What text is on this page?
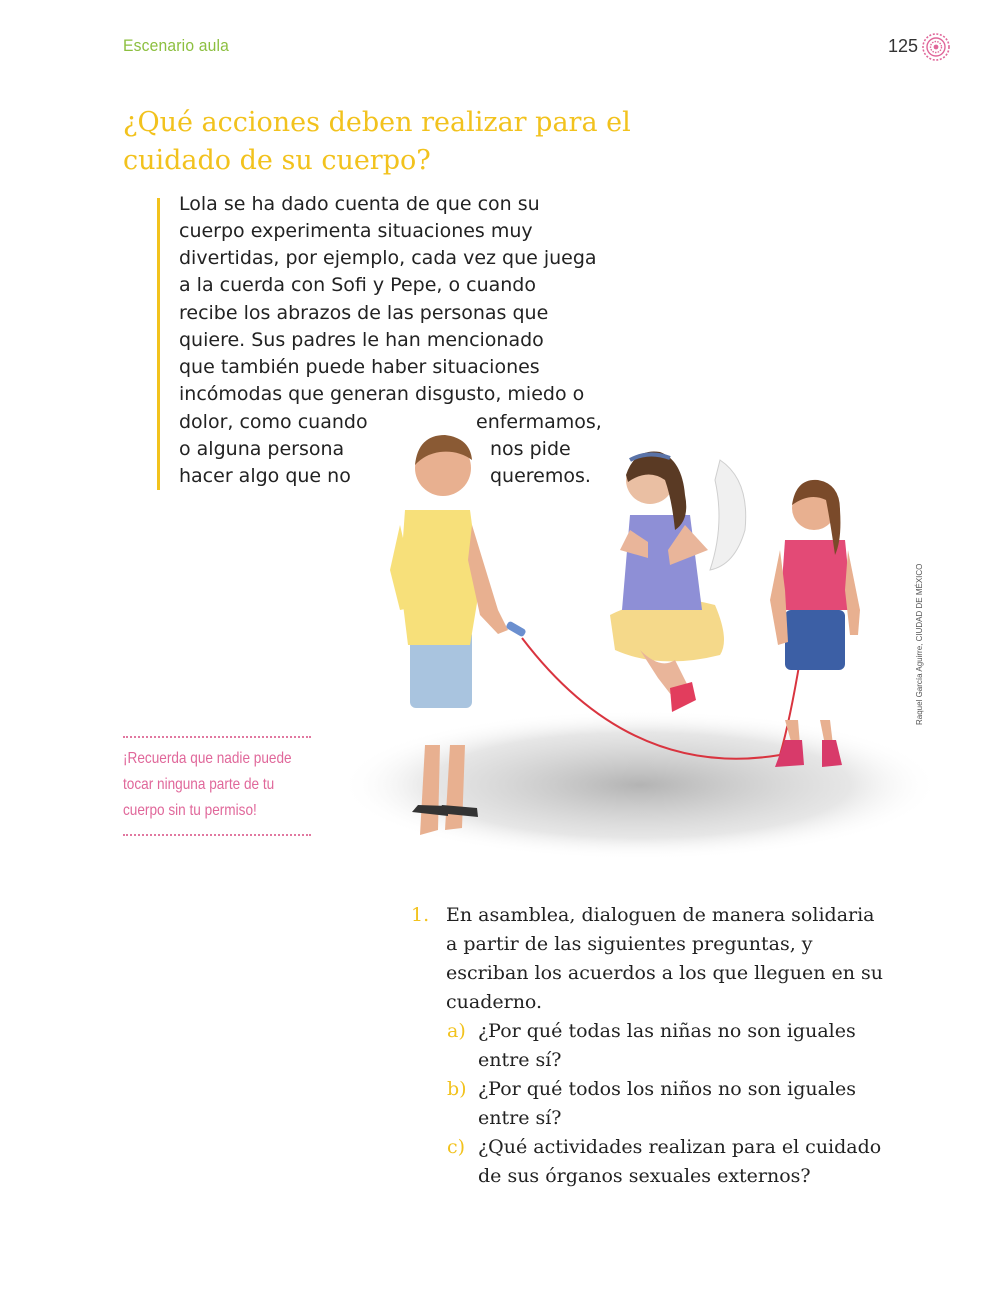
Escenario aula	125
¿Qué acciones deben realizar para el
cuidado de su cuerpo?
Lola se ha dado cuenta de que con su
cuerpo experimenta situaciones muy
divertidas, por ejemplo, cada vez que juega
a la cuerda con Sofi y Pepe, o cuando
recibe los abrazos de las personas que
quiere. Sus padres le han mencionado
que también puede haber situaciones
incómodas que generan disgusto, miedo o
dolor, como cuando	enfermamos,
o alguna persona	nos pide
hacer algo que no	queremos.
Raquel García Aguirre, CIUDAD DE MÉXICO
¡Recuerda que nadie puede
tocar ninguna parte de tu
cuerpo sin tu permiso!
1. En asamblea, dialoguen de manera solidaria
a partir de las siguientes preguntas, y
escriban los acuerdos a los que lleguen en su
cuaderno.
a) ¿Por qué todas las niñas no son iguales
entre sí?
b) ¿Por qué todos los niños no son iguales
entre sí?
c) ¿Qué actividades realizan para el cuidado
de sus órganos sexuales externos?
